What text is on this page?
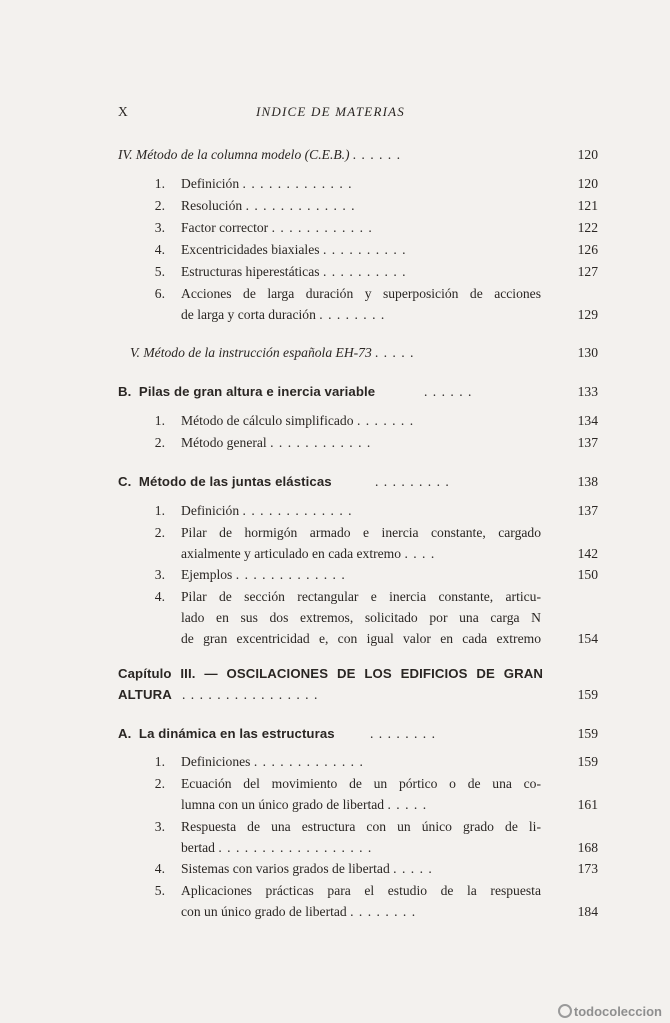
X	INDICE DE MATERIAS
IV. Método de la columna modelo (C.E.B.) . . . . . .	120
1. Definición . . . . . . . . . . . . .	120
2. Resolución . . . . . . . . . . . . .	121
3. Factor corrector . . . . . . . . . . . .	122
4. Excentricidades biaxiales . . . . . . . . . .	126
5. Estructuras hiperestáticas . . . . . . . . . .	127
6. Acciones de larga duración y superposición de acciones
de larga y corta duración . . . . . . . .	129
V. Método de la instrucción española EH-73 . . . . .	130
B. Pilas de gran altura e inercia variable	. . . . . .	133
1. Método de cálculo simplificado . . . . . . .	134
2. Método general . . . . . . . . . . . .	137
C. Método de las juntas elásticas	. . . . . . . . .	138
1. Definición . . . . . . . . . . . . .	137
2. Pilar de hormigón armado e inercia constante, cargado
axialmente y articulado en cada extremo . . . .	142
3. Ejemplos . . . . . . . . . . . . .	150
4. Pilar de sección rectangular e inercia constante, articu-
lado en sus dos extremos, solicitado por una carga N
de gran excentricidad e, con igual valor en cada extremo	154
Capítulo III. — OSCILACIONES DE LOS EDIFICIOS DE GRAN
ALTURA . . . . . . . . . . . . . . . .	159
A. La dinámica en las estructuras	. . . . . . . .	159
1. Definiciones . . . . . . . . . . . . .	159
2. Ecuación del movimiento de un pórtico o de una co-
lumna con un único grado de libertad . . . . .	161
3. Respuesta de una estructura con un único grado de li-
bertad . . . . . . . . . . . . . . . . . .	168
4. Sistemas con varios grados de libertad . . . . .	173
5. Aplicaciones prácticas para el estudio de la respuesta
con un único grado de libertad . . . . . . . .	184
todocoleccion
